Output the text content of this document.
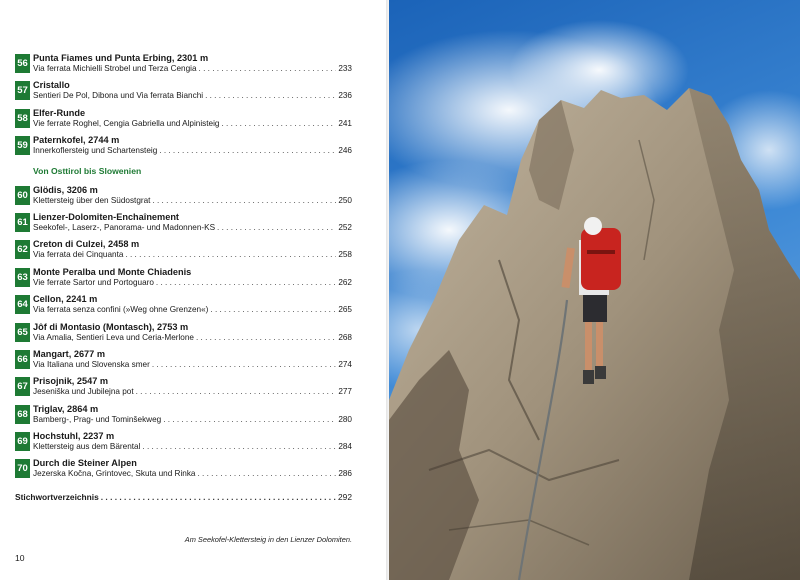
56 Punta Fiames und Punta Erbing, 2301 m
Via ferrata Michielli Strobel und Terza Cengia . . .	233
57 Cristallo
Sentieri De Pol, Dibona und Via ferrata Bianchi . . .	236
58 Elfer-Runde
Vie ferrate Roghel, Cengia Gabriella und Alpinisteig . . .	241
59 Paternkofel, 2744 m
Innerkoflersteig und Schartensteig . . .	246
Von Osttirol bis Slowenien
60 Glödis, 3206 m
Klettersteig über den Südostgrat . . .	250
61 Lienzer-Dolomiten-Enchaînement
Seekofel-, Laserz-, Panorama- und Madonnen-KS . . .	252
62 Creton di Culzei, 2458 m
Via ferrata dei Cinquanta . . .	258
63 Monte Peralba und Monte Chiadenis
Vie ferrate Sartor und Portoguaro . . .	262
64 Cellon, 2241 m
Via ferrata senza confini (»Weg ohne Grenzen«) . . .	265
65 Jôf di Montasio (Montasch), 2753 m
Via Amalia, Sentieri Leva und Ceria-Merlone . . .	268
66 Mangart, 2677 m
Via Italiana und Slovenska smer . . .	274
67 Prisojnik, 2547 m
Jeseniška und Jubilejna pot . . .	277
68 Triglav, 2864 m
Bamberg-, Prag- und Tominšekweg . . .	280
69 Hochstuhl, 2237 m
Klettersteig aus dem Bärental . . .	284
70 Durch die Steiner Alpen
Jezerska Kočna, Grintovec, Skuta und Rinka . . .	286
Stichwortverzeichnis . . .	292
Am Seekofel-Klettersteig in den Lienzer Dolomiten.
10
